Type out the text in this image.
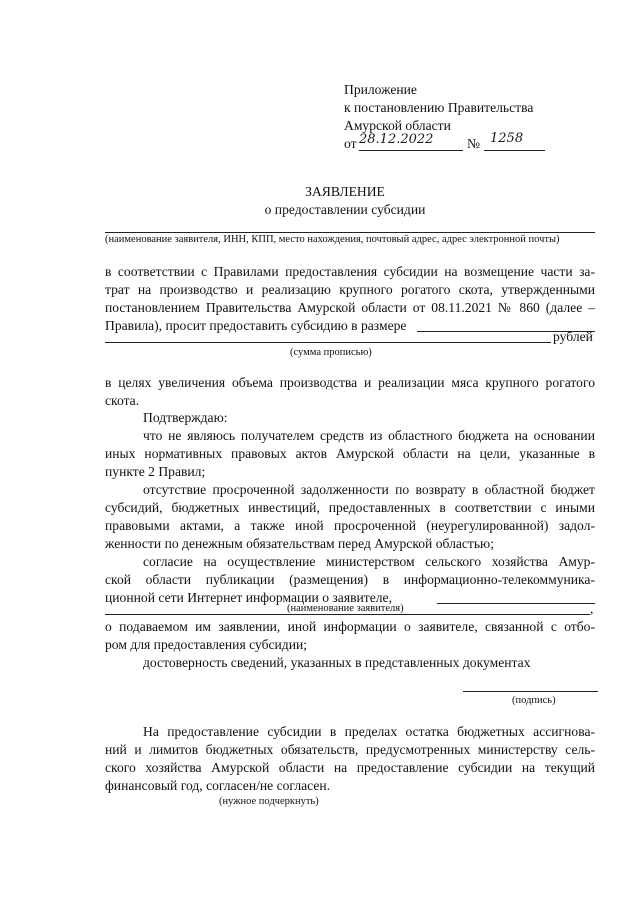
Приложение
к постановлению Правительства
Амурской области
от 28.12.2022 № 1258
ЗАЯВЛЕНИЕ
о предоставлении субсидии
(наименование заявителя, ИНН, КПП, место нахождения, почтовый адрес, адрес электронной почты)
в соответствии с Правилами предоставления субсидии на возмещение части за-
трат на производство и реализацию крупного рогатого скота, утвержденными
постановлением Правительства Амурской области от 08.11.2021 № 860 (далее –
Правила), просит предоставить субсидию в размере
рублей
(сумма прописью)
в целях увеличения объема производства и реализации мяса крупного рогатого
скота.
Подтверждаю:
что не являюсь получателем средств из областного бюджета на основании
иных нормативных правовых актов Амурской области на цели, указанные в
пункте 2 Правил;
отсутствие просроченной задолженности по возврату в областной бюджет
субсидий, бюджетных инвестиций, предоставленных в соответствии с иными
правовыми актами, а также иной просроченной (неурегулированной) задол-
женности по денежным обязательствам перед Амурской областью;
согласие на осуществление министерством сельского хозяйства Амур-
ской области публикации (размещения) в информационно-телекоммуника-
ционной сети Интернет информации о заявителе,
,
(наименование заявителя)
о подаваемом им заявлении, иной информации о заявителе, связанной с отбо-
ром для предоставления субсидии;
достоверность сведений, указанных в представленных документах
(подпись)
На предоставление субсидии в пределах остатка бюджетных ассигнова-
ний и лимитов бюджетных обязательств, предусмотренных министерству сель-
ского хозяйства Амурской области на предоставление субсидии на текущий
финансовый год, согласен/не согласен.
(нужное подчеркнуть)
